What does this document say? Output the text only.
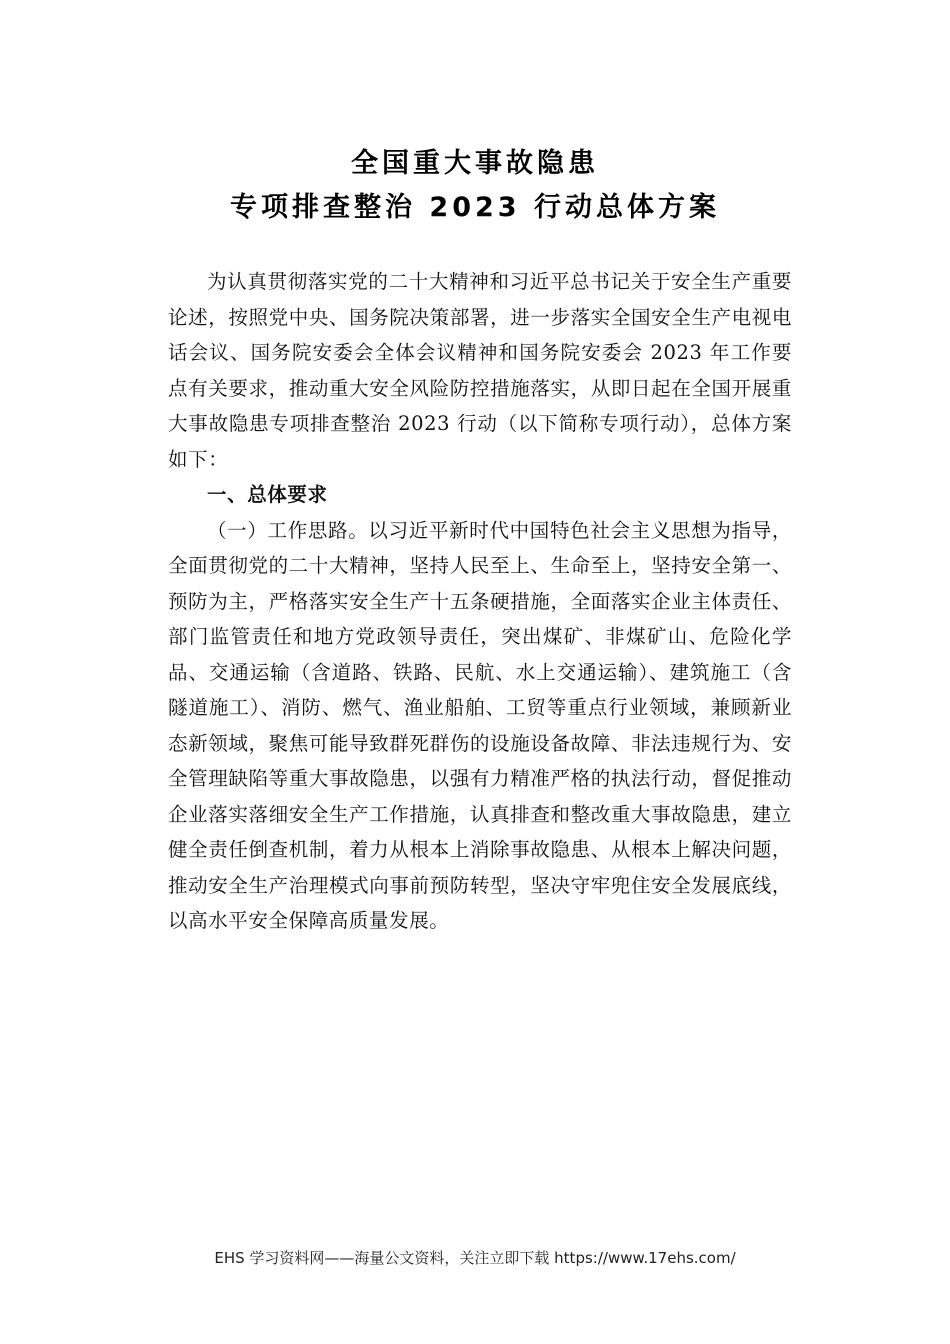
全国重大事故隐患
专项排查整治 2023 行动总体方案

为认真贯彻落实党的二十大精神和习近平总书记关于安全生产重要论述，按照党中央、国务院决策部署，进一步落实全国安全生产电视电话会议、国务院安委会全体会议精神和国务院安委会 2023 年工作要点有关要求，推动重大安全风险防控措施落实，从即日起在全国开展重大事故隐患专项排查整治 2023 行动（以下简称专项行动），总体方案如下：

一、总体要求

（一）工作思路。以习近平新时代中国特色社会主义思想为指导，全面贯彻党的二十大精神，坚持人民至上、生命至上，坚持安全第一、预防为主，严格落实安全生产十五条硬措施，全面落实企业主体责任、部门监管责任和地方党政领导责任，突出煤矿、非煤矿山、危险化学品、交通运输（含道路、铁路、民航、水上交通运输）、建筑施工（含隧道施工）、消防、燃气、渔业船舶、工贸等重点行业领域，兼顾新业态新领域，聚焦可能导致群死群伤的设施设备故障、非法违规行为、安全管理缺陷等重大事故隐患，以强有力精准严格的执法行动，督促推动企业落实落细安全生产工作措施，认真排查和整改重大事故隐患，建立健全责任倒查机制，着力从根本上消除事故隐患、从根本上解决问题，推动安全生产治理模式向事前预防转型，坚决守牢兜住安全发展底线，以高水平安全保障高质量发展。

EHS 学习资料网——海量公文资料，关注立即下载 https://www.17ehs.com/
